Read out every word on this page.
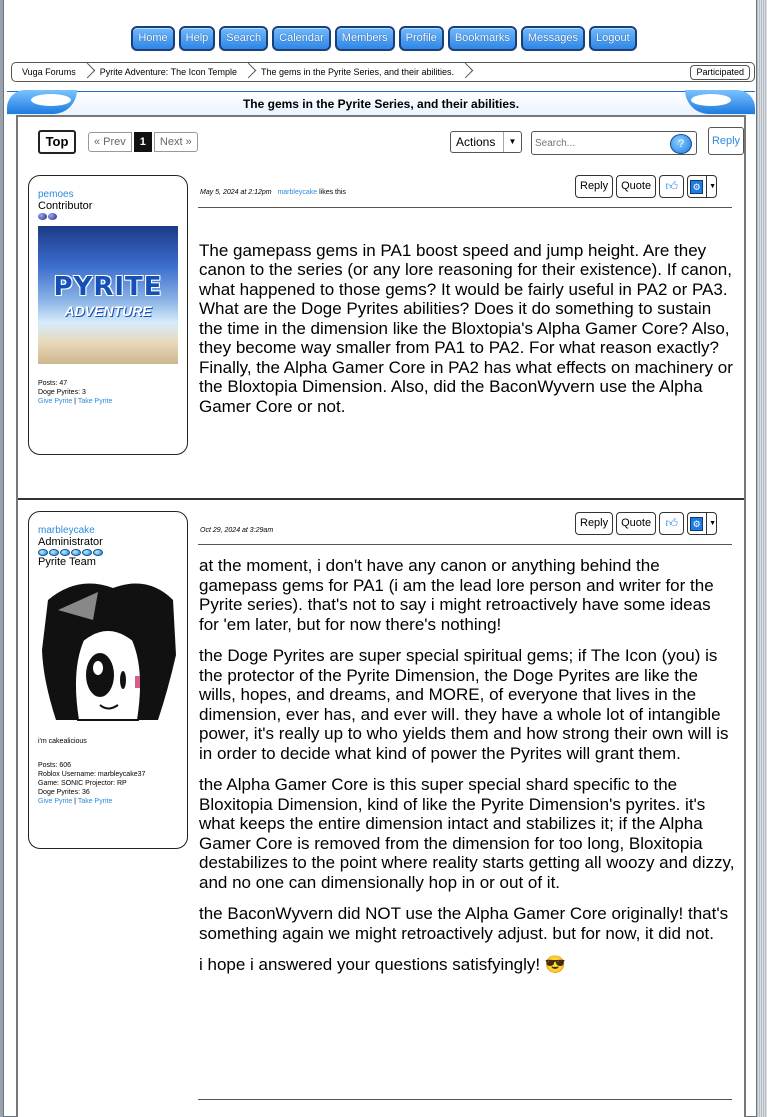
Home	Help	Search	Calendar	Members	Profile	Bookmarks	Messages	Logout
Vuga Forums	Pyrite Adventure: The Icon Temple	The gems in the Pyrite Series, and their abilities.	Participated
The gems in the Pyrite Series, and their abilities.
Top	« Prev	1	Next »	Actions	▼
Search...	?	Reply
pemoes
Contributor
PYRITE
ADVENTURE
Posts: 47
Doge Pyrites: 3
Give Pyrite | Take Pyrite
May 5, 2024 at 2:12pm marbleycake likes this
Reply	Quote	👍︎	⚙	▼

The gamepass gems in PA1 boost speed and jump height. Are they canon to the series (or any lore reasoning for their existence). If canon, what happened to those gems? It would be fairly useful in PA2 or PA3.
What are the Doge Pyrites abilities? Does it do something to sustain the time in the dimension like the Bloxtopia's Alpha Gamer Core? Also, they become way smaller from PA1 to PA2. For what reason exactly?
Finally, the Alpha Gamer Core in PA2 has what effects on machinery or the Bloxtopia Dimension. Also, did the BaconWyvern use the Alpha Gamer Core or not.

marbleycake
Administrator
Pyrite Team
i'm cakealicious
Posts: 606
Roblox Username: marbleycake37
Game: SONIC Projector: RP
Doge Pyrites: 36
Give Pyrite | Take Pyrite
Oct 29, 2024 at 3:29am
Reply	Quote	👍︎	⚙	▼

at the moment, i don't have any canon or anything behind the gamepass gems for PA1 (i am the lead lore person and writer for the Pyrite series). that's not to say i might retroactively have some ideas for 'em later, but for now there's nothing!

the Doge Pyrites are super special spiritual gems; if The Icon (you) is the protector of the Pyrite Dimension, the Doge Pyrites are like the wills, hopes, and dreams, and MORE, of everyone that lives in the dimension, ever has, and ever will. they have a whole lot of intangible power, it's really up to who yields them and how strong their own will is in order to decide what kind of power the Pyrites will grant them.

the Alpha Gamer Core is this super special shard specific to the Bloxitopia Dimension, kind of like the Pyrite Dimension's pyrites. it's what keeps the entire dimension intact and stabilizes it; if the Alpha Gamer Core is removed from the dimension for too long, Bloxitopia destabilizes to the point where reality starts getting all woozy and dizzy, and no one can dimensionally hop in or out of it.

the BaconWyvern did NOT use the Alpha Gamer Core originally! that's something again we might retroactively adjust. but for now, it did not.

i hope i answered your questions satisfyingly! 😎
